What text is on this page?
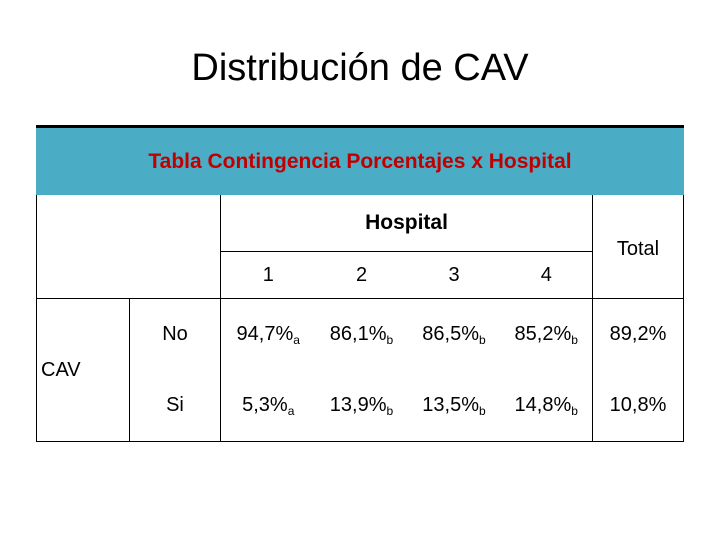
Distribución de CAV
Tabla Contingencia Porcentajes x Hospital
		Hospital				Total
		1	2	3	4	
CAV	No	$94,7\%_a$	$86,1\%_b$	$86,5\%_b$	$85,2\%_b$	89,2%
	Si	$5,3\%_a$	$13,9\%_b$	$13,5\%_b$	$14,8\%_b$	10,8%
